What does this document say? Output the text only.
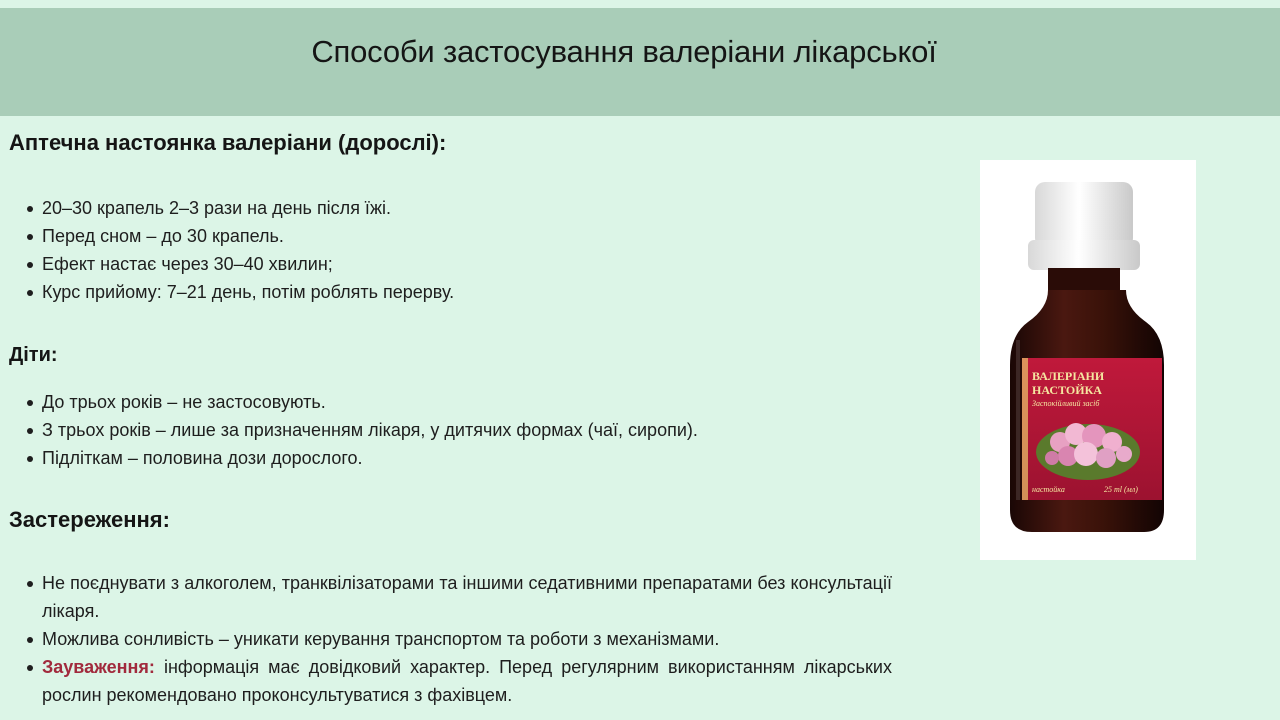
Способи застосування валеріани лікарської
Аптечна настоянка валеріани (дорослі):
20–30 крапель 2–3 рази на день після їжі.
Перед сном – до 30 крапель.
Ефект настає через 30–40 хвилин;
Курс прийому: 7–21 день, потім роблять перерву.
Діти:
До трьох років – не застосовують.
З трьох років – лише за призначенням лікаря, у дитячих формах (чаї, сиропи).
Підліткам – половина дози дорослого.
Застереження:
Не поєднувати з алкоголем, транквілізаторами та іншими седативними препаратами без консультації лікаря.
Можлива сонливість – уникати керування транспортом та роботи з механізмами.
Зауваження: інформація має довідковий характер. Перед регулярним використанням лікарських рослин рекомендовано проконсультуватися з фахівцем.
ВАЛЕРІАНИ
НАСТОЙКА
Заспокійливий засіб
настойка	25 ml (мл)
